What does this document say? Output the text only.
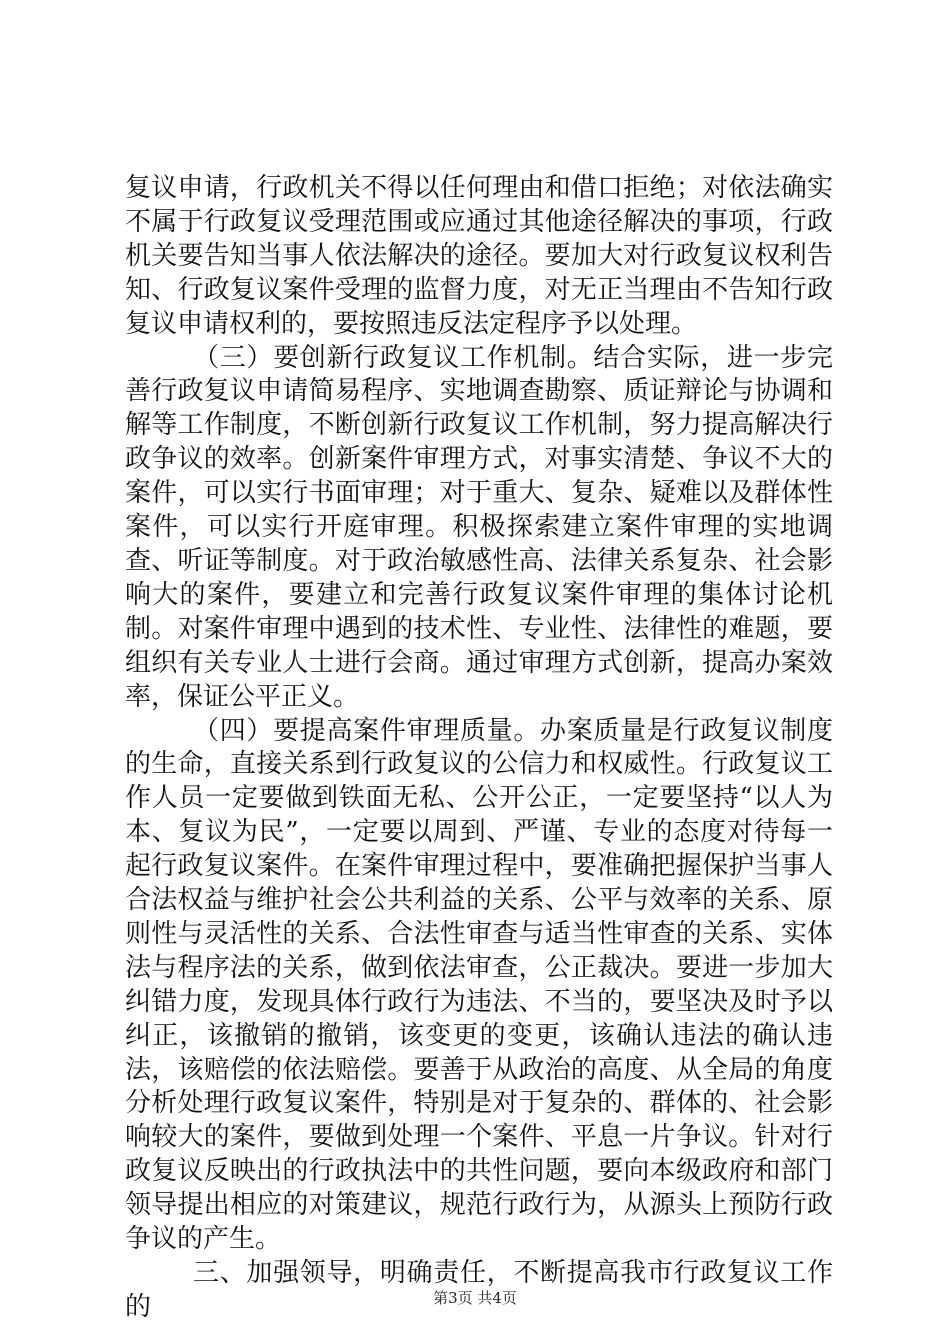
复议申请，行政机关不得以任何理由和借口拒绝；对依法确实不属于行政复议受理范围或应通过其他途径解决的事项，行政机关要告知当事人依法解决的途径。要加大对行政复议权利告知、行政复议案件受理的监督力度，对无正当理由不告知行政复议申请权利的，要按照违反法定程序予以处理。

（三）要创新行政复议工作机制。结合实际，进一步完善行政复议申请简易程序、实地调查勘察、质证辩论与协调和解等工作制度，不断创新行政复议工作机制，努力提高解决行政争议的效率。创新案件审理方式，对事实清楚、争议不大的案件，可以实行书面审理；对于重大、复杂、疑难以及群体性案件，可以实行开庭审理。积极探索建立案件审理的实地调查、听证等制度。对于政治敏感性高、法律关系复杂、社会影响大的案件，要建立和完善行政复议案件审理的集体讨论机制。对案件审理中遇到的技术性、专业性、法律性的难题，要组织有关专业人士进行会商。通过审理方式创新，提高办案效率，保证公平正义。

（四）要提高案件审理质量。办案质量是行政复议制度的生命，直接关系到行政复议的公信力和权威性。行政复议工作人员一定要做到铁面无私、公开公正，一定要坚持“以人为本、复议为民”，一定要以周到、严谨、专业的态度对待每一起行政复议案件。在案件审理过程中，要准确把握保护当事人合法权益与维护社会公共利益的关系、公平与效率的关系、原则性与灵活性的关系、合法性审查与适当性审查的关系、实体法与程序法的关系，做到依法审查，公正裁决。要进一步加大纠错力度，发现具体行政行为违法、不当的，要坚决及时予以纠正，该撤销的撤销，该变更的变更，该确认违法的确认违法，该赔偿的依法赔偿。要善于从政治的高度、从全局的角度分析处理行政复议案件，特别是对于复杂的、群体的、社会影响较大的案件，要做到处理一个案件、平息一片争议。针对行政复议反映出的行政执法中的共性问题，要向本级政府和部门领导提出相应的对策建议，规范行政行为，从源头上预防行政争议的产生。

三、加强领导，明确责任，不断提高我市行政复议工作的	第3页 共4页
